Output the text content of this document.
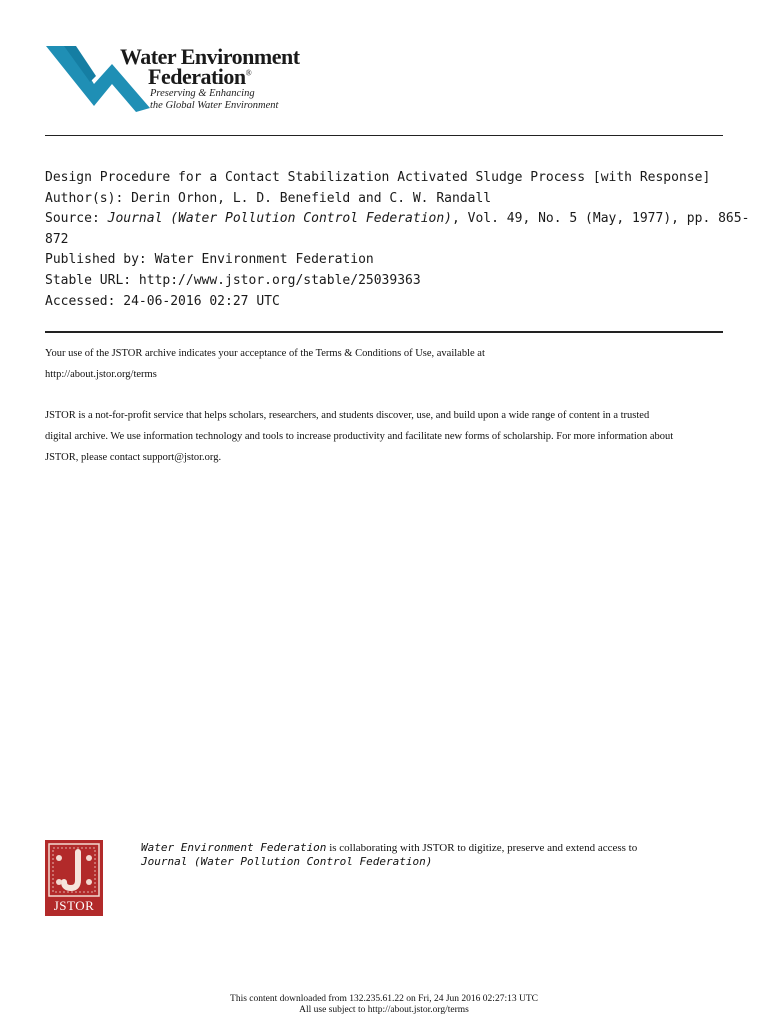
Water Environment
Federation®
Preserving & Enhancing
the Global Water Environment
Design Procedure for a Contact Stabilization Activated Sludge Process [with Response]
Author(s): Derin Orhon, L. D. Benefield and C. W. Randall
Source: Journal (Water Pollution Control Federation), Vol. 49, No. 5 (May, 1977), pp. 865-
872
Published by: Water Environment Federation
Stable URL: http://www.jstor.org/stable/25039363
Accessed: 24-06-2016 02:27 UTC

Your use of the JSTOR archive indicates your acceptance of the Terms & Conditions of Use, available at
http://about.jstor.org/terms

JSTOR is a not-for-profit service that helps scholars, researchers, and students discover, use, and build upon a wide range of content in a trusted
digital archive. We use information technology and tools to increase productivity and facilitate new forms of scholarship. For more information about
JSTOR, please contact support@jstor.org.

JSTOR
Water Environment Federation is collaborating with JSTOR to digitize, preserve and extend access to
Journal (Water Pollution Control Federation)
This content downloaded from 132.235.61.22 on Fri, 24 Jun 2016 02:27:13 UTC
All use subject to http://about.jstor.org/terms
